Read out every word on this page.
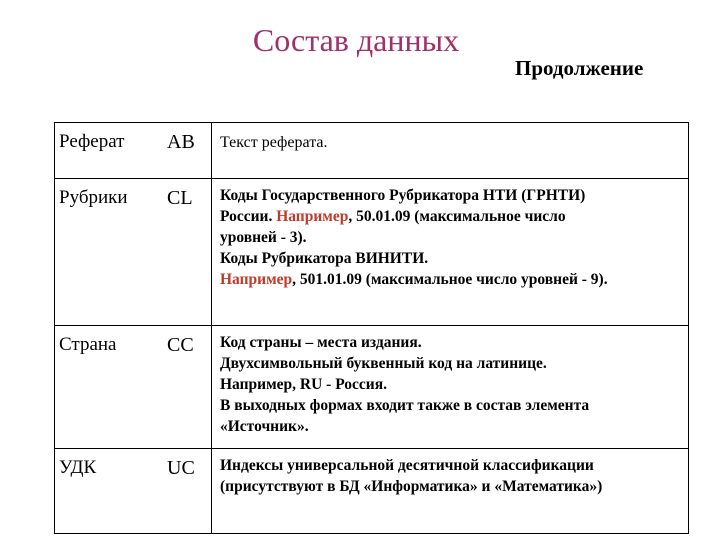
Состав данных
Продолжение
Реферат	AB	Текст реферата.

Рубрики	CL	Коды Государственного Рубрикатора НТИ (ГРНТИ)
России. Например, 50.01.09 (максимальное число
уровней - 3).
Коды Рубрикатора ВИНИТИ.
Например, 501.01.09 (максимальное число уровней - 9).

Страна	CC	Код страны – места издания.
Двухсимвольный буквенный код на латинице.
Например, RU - Россия.
В выходных формах входит также в состав элемента
«Источник».

УДК	UC	Индексы универсальной десятичной классификации
(присутствуют в БД «Информатика» и «Математика»)
